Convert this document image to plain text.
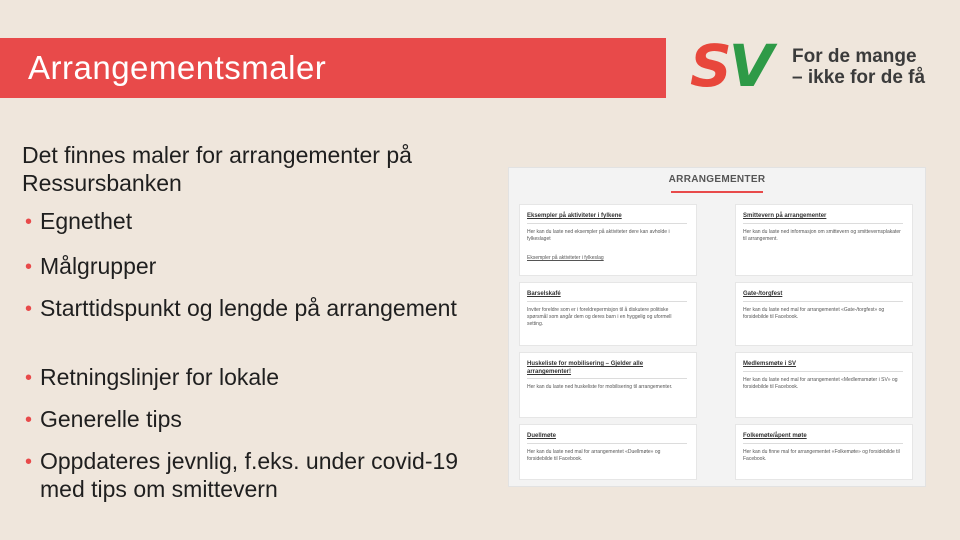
Arrangementsmaler	SV For de mange
– ikke for de få
Det finnes maler for arrangementer på Ressursbanken
• Egnethet
• Målgrupper
• Starttidspunkt og lengde på arrangement
• Retningslinjer for lokale
• Generelle tips
• Oppdateres jevnlig, f.eks. under covid-19 med tips om smittevern
ARRANGEMENTER
Eksempler på aktiviteter i fylkene
Her kan du laste ned eksempler på aktiviteter dere kan avholde i fylkeslaget
Eksempler på aktiviteter i fylkeslag
Smittevern på arrangementer
Her kan du laste ned informasjon om smittevern og smittevernsplakater til arrangement.
Barselskafé
Inviter foreldre som er i foreldrepermisjon til å diskutere politiske spørsmål som angår dem og deres barn i en hyggelig og uformell setting.
Gate-/torgfest
Her kan du laste ned mal for arrangementet «Gate-/torgfest» og forsidebilde til Facebook.
Huskeliste for mobilisering – Gjelder alle arrangementer!
Her kan du laste ned huskeliste for mobilisering til arrangementer.
Medlemsmøte i SV
Her kan du laste ned mal for arrangementet «Medlemsmøter i SV» og forsidebilde til Facebook.
Duellmøte
Her kan du laste ned mal for arrangementet «Duellmøte» og forsidebilde til Facebook.
Folkemøte/åpent møte
Her kan du finne mal for arrangementet «Folkemøte» og forsidebilde til Facebook.
